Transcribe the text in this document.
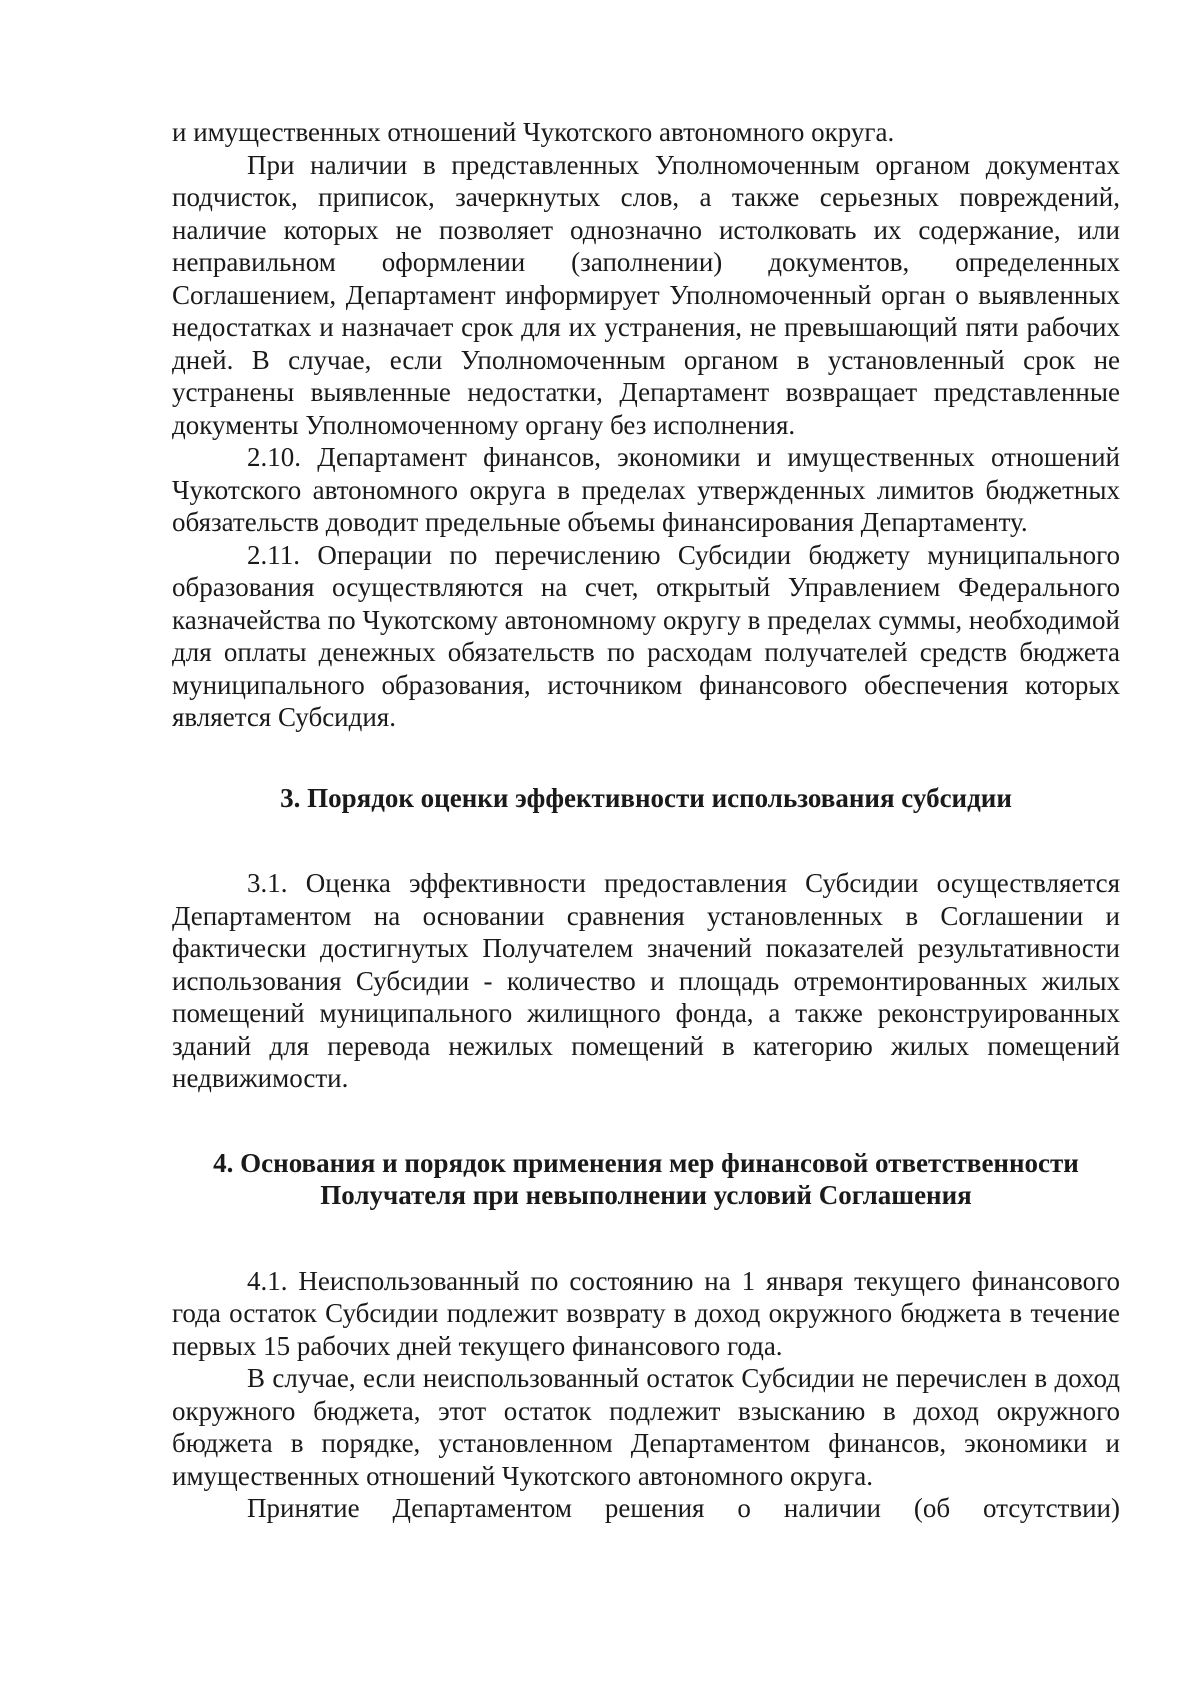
и имущественных отношений Чукотского автономного округа.

При наличии в представленных Уполномоченным органом документах подчисток, приписок, зачеркнутых слов, а также серьезных повреждений, наличие которых не позволяет однозначно истолковать их содержание, или неправильном оформлении (заполнении) документов, определенных Соглашением, Департамент информирует Уполномоченный орган о выявленных недостатках и назначает срок для их устранения, не превышающий пяти рабочих дней. В случае, если Уполномоченным органом в установленный срок не устранены выявленные недостатки, Департамент возвращает представленные документы Уполномоченному органу без исполнения.

2.10. Департамент финансов, экономики и имущественных отношений Чукотского автономного округа в пределах утвержденных лимитов бюджетных обязательств доводит предельные объемы финансирования Департаменту.

2.11. Операции по перечислению Субсидии бюджету муниципального образования осуществляются на счет, открытый Управлением Федерального казначейства по Чукотскому автономному округу в пределах суммы, необходимой для оплаты денежных обязательств по расходам получателей средств бюджета муниципального образования, источником финансового обеспечения которых является Субсидия.

3. Порядок оценки эффективности использования субсидии

3.1. Оценка эффективности предоставления Субсидии осуществляется Департаментом на основании сравнения установленных в Соглашении и фактически достигнутых Получателем значений показателей результативности использования Субсидии - количество и площадь отремонтированных жилых помещений муниципального жилищного фонда, а также реконструированных зданий для перевода нежилых помещений в категорию жилых помещений недвижимости.

4. Основания и порядок применения мер финансовой ответственности
Получателя при невыполнении условий Соглашения

4.1. Неиспользованный по состоянию на 1 января текущего финансового года остаток Субсидии подлежит возврату в доход окружного бюджета в течение первых 15 рабочих дней текущего финансового года.

В случае, если неиспользованный остаток Субсидии не перечислен в доход окружного бюджета, этот остаток подлежит взысканию в доход окружного бюджета в порядке, установленном Департаментом финансов, экономики и имущественных отношений Чукотского автономного округа.

Принятие Департаментом решения о наличии (об отсутствии)
